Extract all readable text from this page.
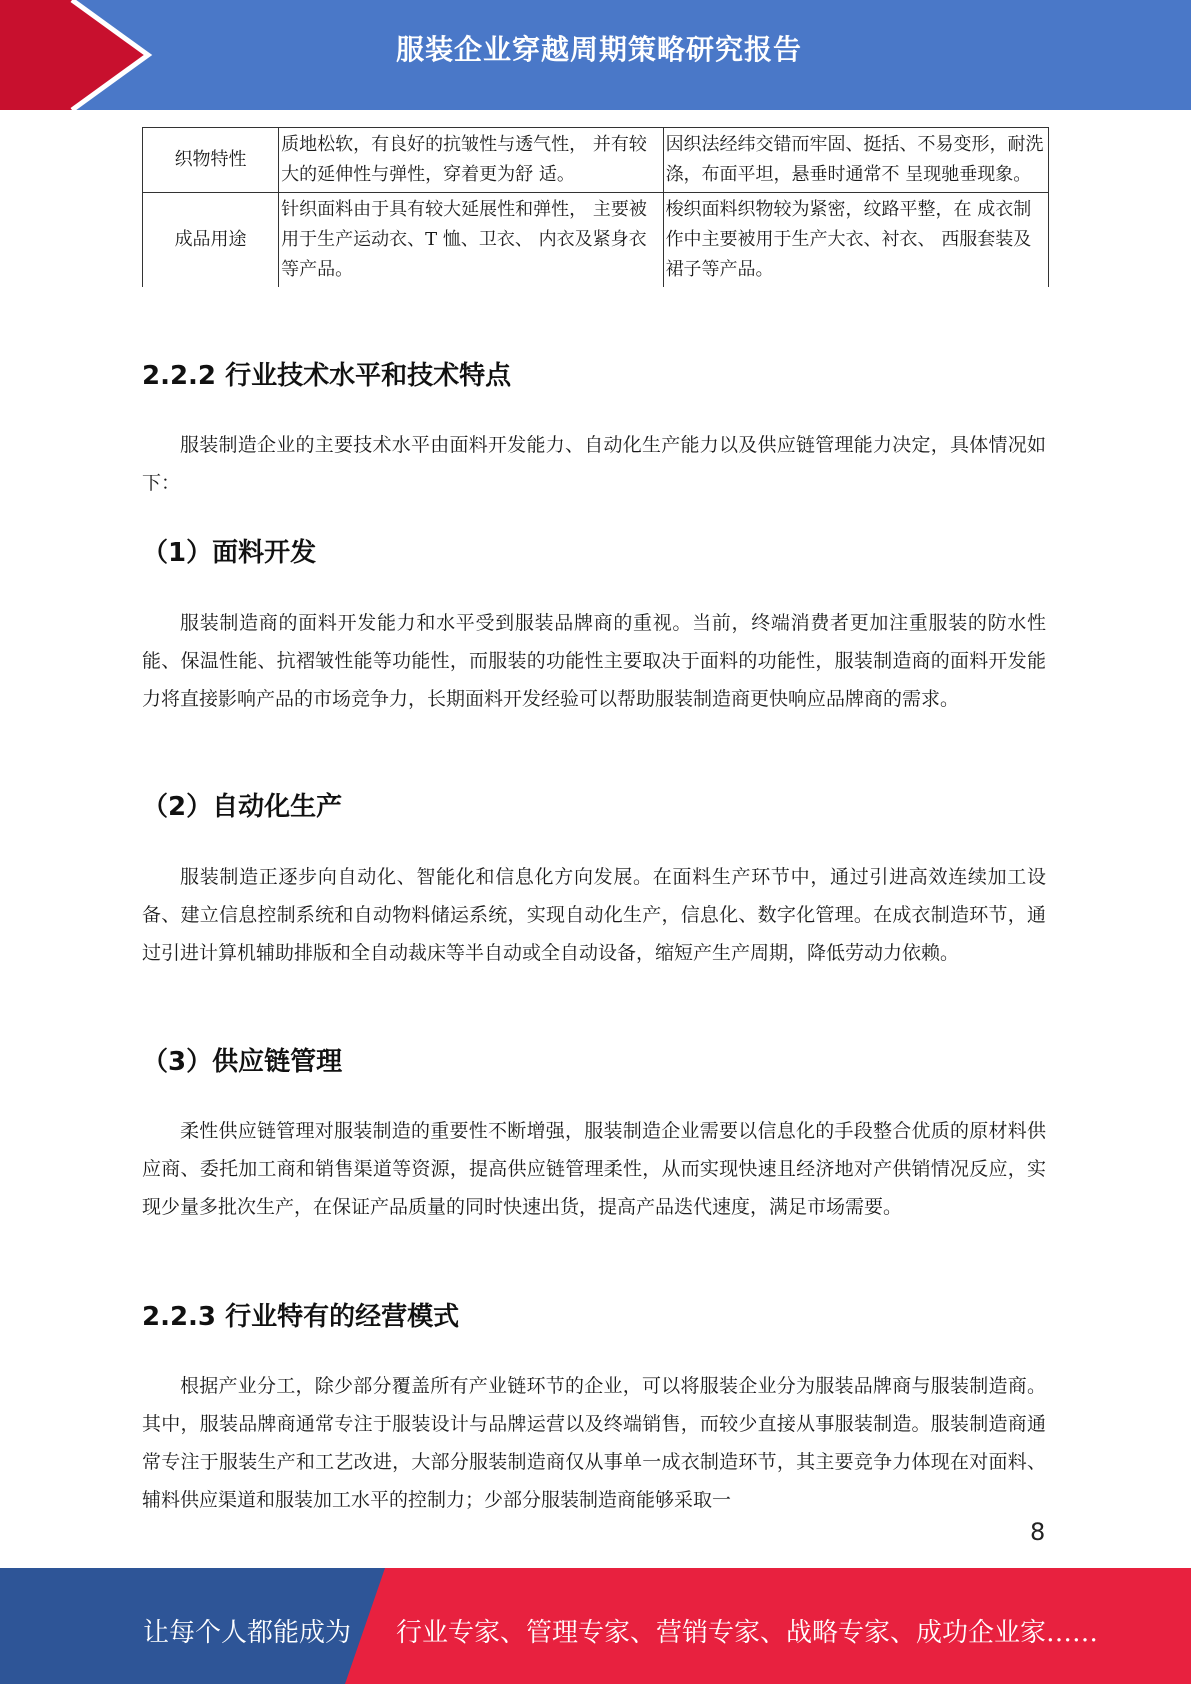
服装企业穿越周期策略研究报告
织物特性	质地松软，有良好的抗皱性与透气性， 并有较大的延伸性与弹性，穿着更为舒 适。	因织法经纬交错而牢固、挺括、不易变形，耐洗涤，布面平坦，悬垂时通常不 呈现驰垂现象。
成品用途	针织面料由于具有较大延展性和弹性， 主要被用于生产运动衣、T 恤、卫衣、 内衣及紧身衣等产品。	梭织面料织物较为紧密，纹路平整，在 成衣制作中主要被用于生产大衣、衬衣、 西服套装及裙子等产品。
2.2.2 行业技术水平和技术特点

服装制造企业的主要技术水平由面料开发能力、自动化生产能力以及供应链管理能力决定，具体情况如下：

（1）面料开发

服装制造商的面料开发能力和水平受到服装品牌商的重视。当前，终端消费者更加注重服装的防水性能、保温性能、抗褶皱性能等功能性，而服装的功能性主要取决于面料的功能性，服装制造商的面料开发能力将直接影响产品的市场竞争力，长期面料开发经验可以帮助服装制造商更快响应品牌商的需求。

（2）自动化生产

服装制造正逐步向自动化、智能化和信息化方向发展。在面料生产环节中，通过引进高效连续加工设备、建立信息控制系统和自动物料储运系统，实现自动化生产，信息化、数字化管理。在成衣制造环节，通过引进计算机辅助排版和全自动裁床等半自动或全自动设备，缩短产生产周期，降低劳动力依赖。

（3）供应链管理

柔性供应链管理对服装制造的重要性不断增强，服装制造企业需要以信息化的手段整合优质的原材料供应商、委托加工商和销售渠道等资源，提高供应链管理柔性，从而实现快速且经济地对产供销情况反应，实现少量多批次生产，在保证产品质量的同时快速出货，提高产品迭代速度，满足市场需要。

2.2.3 行业特有的经营模式

根据产业分工，除少部分覆盖所有产业链环节的企业，可以将服装企业分为服装品牌商与服装制造商。其中，服装品牌商通常专注于服装设计与品牌运营以及终端销售，而较少直接从事服装制造。服装制造商通常专注于服装生产和工艺改进，大部分服装制造商仅从事单一成衣制造环节，其主要竞争力体现在对面料、辅料供应渠道和服装加工水平的控制力；少部分服装制造商能够采取一

8
让每个人都能成为 行业专家、管理专家、营销专家、战略专家、成功企业家……
